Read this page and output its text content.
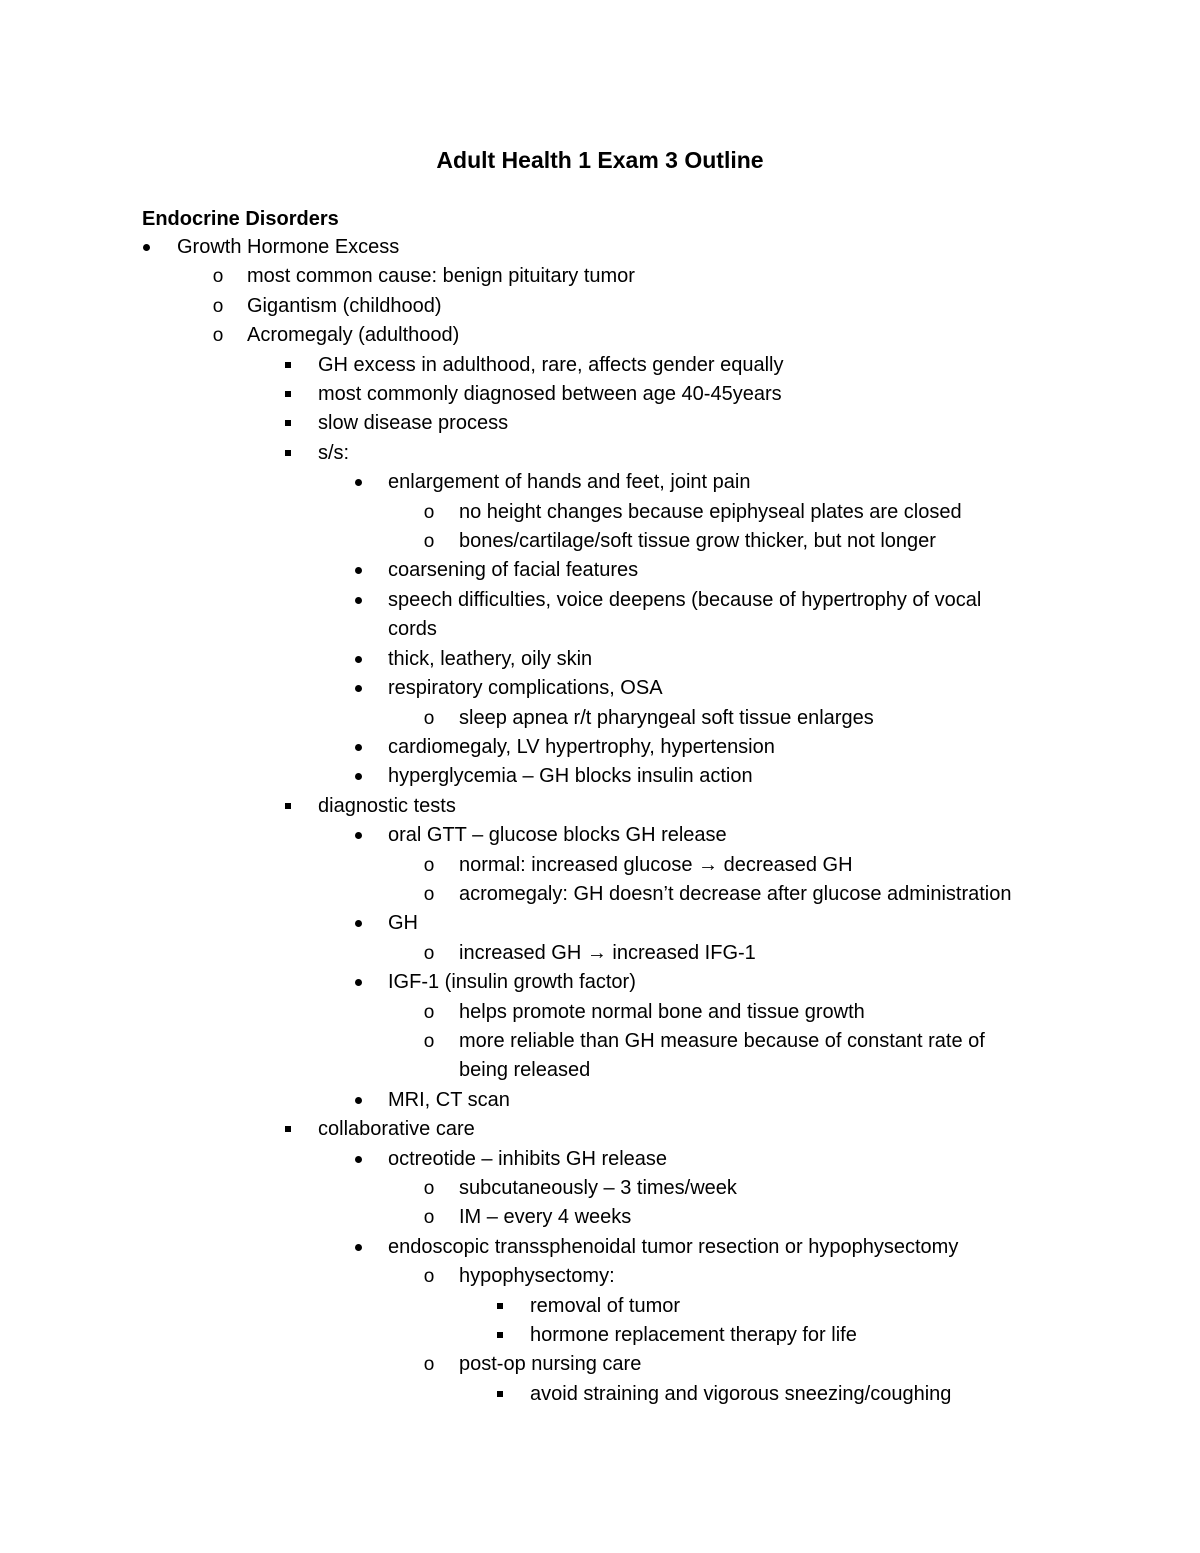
Adult Health 1 Exam 3 Outline
Endocrine Disorders
Growth Hormone Excess
o most common cause: benign pituitary tumor
o Gigantism (childhood)
o Acromegaly (adulthood)
GH excess in adulthood, rare, affects gender equally
most commonly diagnosed between age 40-45years
slow disease process
s/s:
enlargement of hands and feet, joint pain
o no height changes because epiphyseal plates are closed
o bones/cartilage/soft tissue grow thicker, but not longer
coarsening of facial features
speech difficulties, voice deepens (because of hypertrophy of vocal cords
thick, leathery, oily skin
respiratory complications, OSA
o sleep apnea r/t pharyngeal soft tissue enlarges
cardiomegaly, LV hypertrophy, hypertension
hyperglycemia – GH blocks insulin action
diagnostic tests
oral GTT – glucose blocks GH release
o normal: increased glucose → decreased GH
o acromegaly: GH doesn’t decrease after glucose administration
GH
o increased GH → increased IFG-1
IGF-1 (insulin growth factor)
o helps promote normal bone and tissue growth
o more reliable than GH measure because of constant rate of being released
MRI, CT scan
collaborative care
octreotide – inhibits GH release
o subcutaneously – 3 times/week
o IM – every 4 weeks
endoscopic transsphenoidal tumor resection or hypophysectomy
o hypophysectomy:
removal of tumor
hormone replacement therapy for life
o post-op nursing care
avoid straining and vigorous sneezing/coughing
